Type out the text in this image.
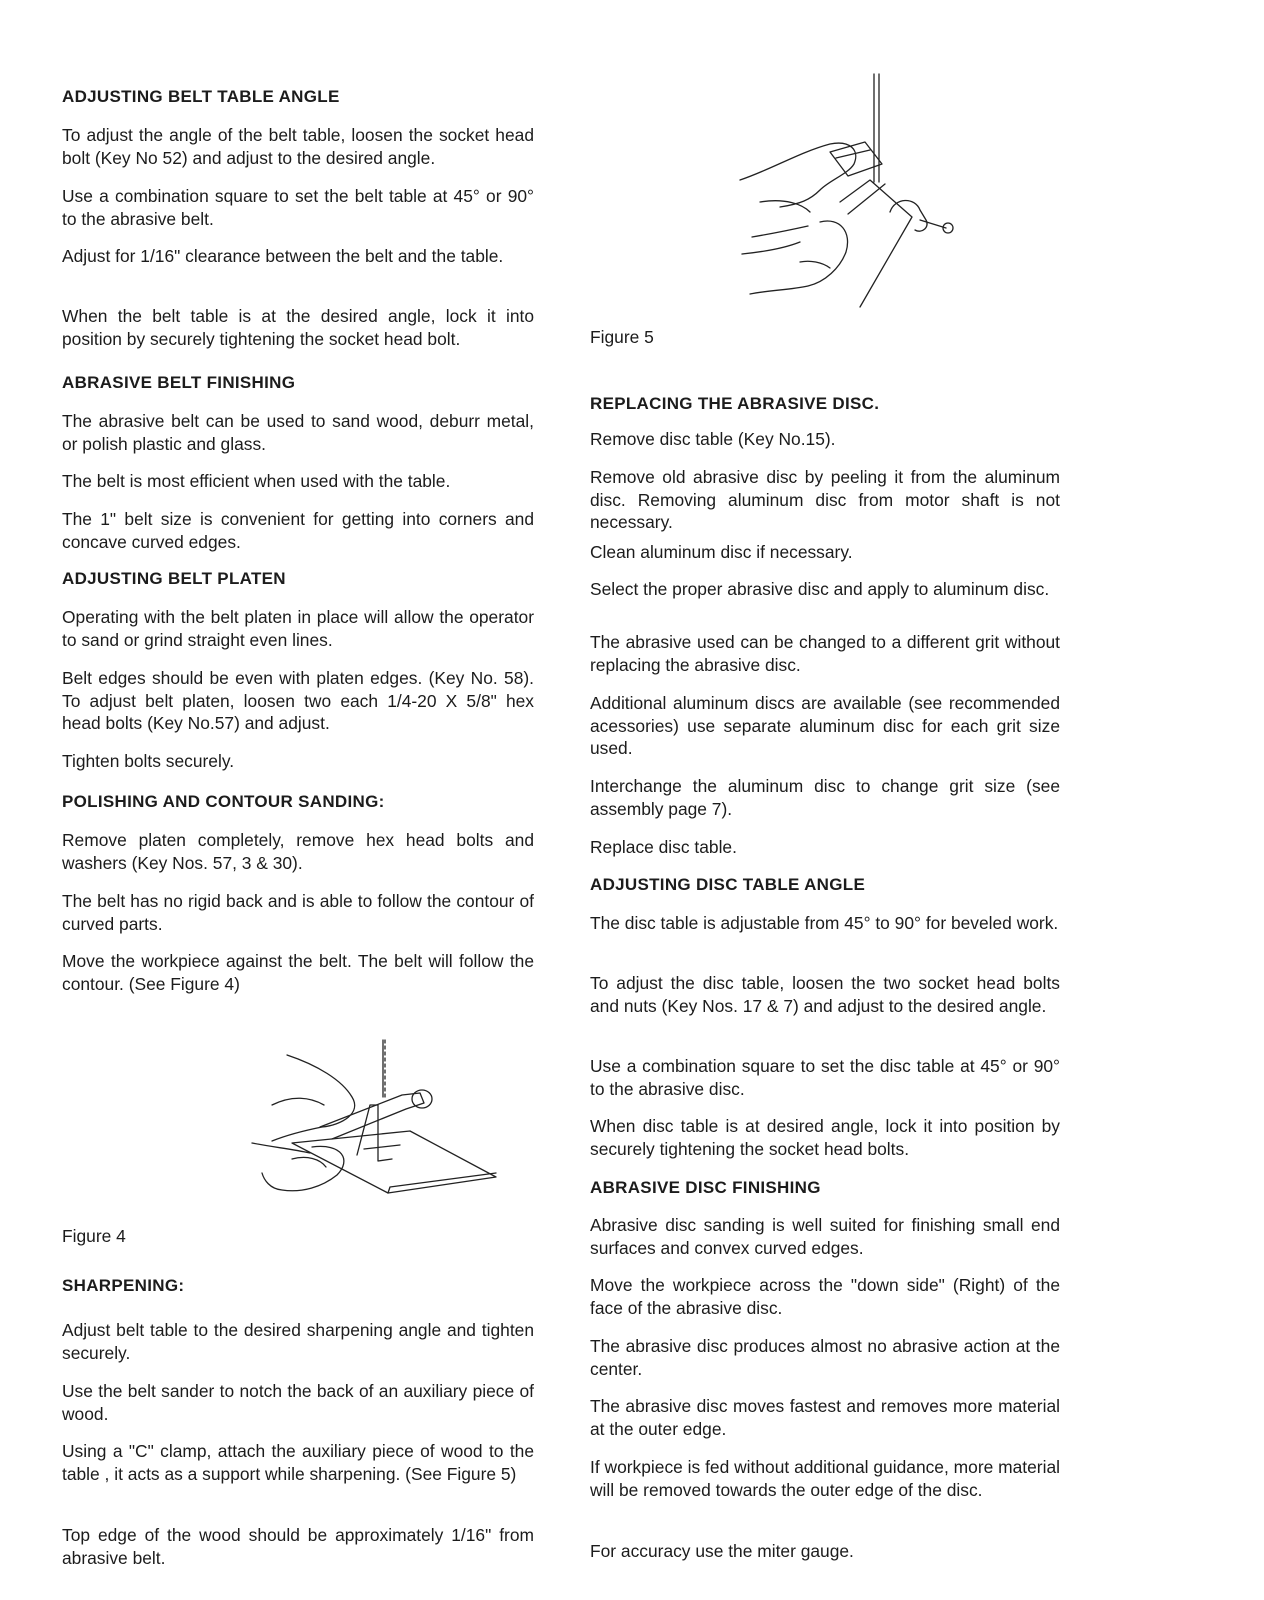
ADJUSTING BELT TABLE ANGLE

To adjust the angle of the belt table, loosen the socket head bolt (Key No 52) and adjust to the desired angle.

Use a combination square to set the belt table at 45° or 90° to the abrasive belt.

Adjust for 1/16" clearance between the belt and the table.

When the belt table is at the desired angle, lock it into position by securely tightening the socket head bolt.

ABRASIVE BELT FINISHING

The abrasive belt can be used to sand wood, deburr metal, or polish plastic and glass.

The belt is most efficient when used with the table.

The 1" belt size is convenient for getting into corners and concave curved edges.

ADJUSTING BELT PLATEN

Operating with the belt platen in place will allow the operator to sand or grind straight even lines.

Belt edges should be even with platen edges. (Key No. 58). To adjust belt platen, loosen two each 1/4-20 X 5/8" hex head bolts (Key No.57) and adjust.

Tighten bolts securely.

POLISHING AND CONTOUR SANDING:

Remove platen completely, remove hex head bolts and washers (Key Nos. 57, 3 & 30).

The belt has no rigid back and is able to follow the contour of curved parts.

Move the workpiece against the belt. The belt will follow the contour. (See Figure 4)

Figure 4
SHARPENING:

Adjust belt table to the desired sharpening angle and tighten securely.

Use the belt sander to notch the back of an auxiliary piece of wood.

Using a "C" clamp, attach the auxiliary piece of wood to the table , it acts as a support while sharpening. (See Figure 5)

Top edge of the wood should be approximately 1/16" from abrasive belt.

Figure 5
REPLACING THE ABRASIVE DISC.

Remove disc table (Key No.15).

Remove old abrasive disc by peeling it from the aluminum disc. Removing aluminum disc from motor shaft is not necessary.

Clean aluminum disc if necessary.

Select the proper abrasive disc and apply to aluminum disc.

The abrasive used can be changed to a different grit without replacing the abrasive disc.

Additional aluminum discs are available (see recommended acessories) use separate aluminum disc for each grit size used.

Interchange the aluminum disc to change grit size (see assembly page 7).

Replace disc table.

ADJUSTING DISC TABLE ANGLE

The disc table is adjustable from 45° to 90° for beveled work.

To adjust the disc table, loosen the two socket head bolts and nuts (Key Nos. 17 & 7) and adjust to the desired angle.

Use a combination square to set the disc table at 45° or 90° to the abrasive disc.

When disc table is at desired angle, lock it into position by securely tightening the socket head bolts.

ABRASIVE DISC FINISHING

Abrasive disc sanding is well suited for finishing small end surfaces and convex curved edges.

Move the workpiece across the "down side" (Right) of the face of the abrasive disc.

The abrasive disc produces almost no abrasive action at the center.

The abrasive disc moves fastest and removes more material at the outer edge.

If workpiece is fed without additional guidance, more material will be removed towards the outer edge of the disc.

For accuracy use the miter gauge.
